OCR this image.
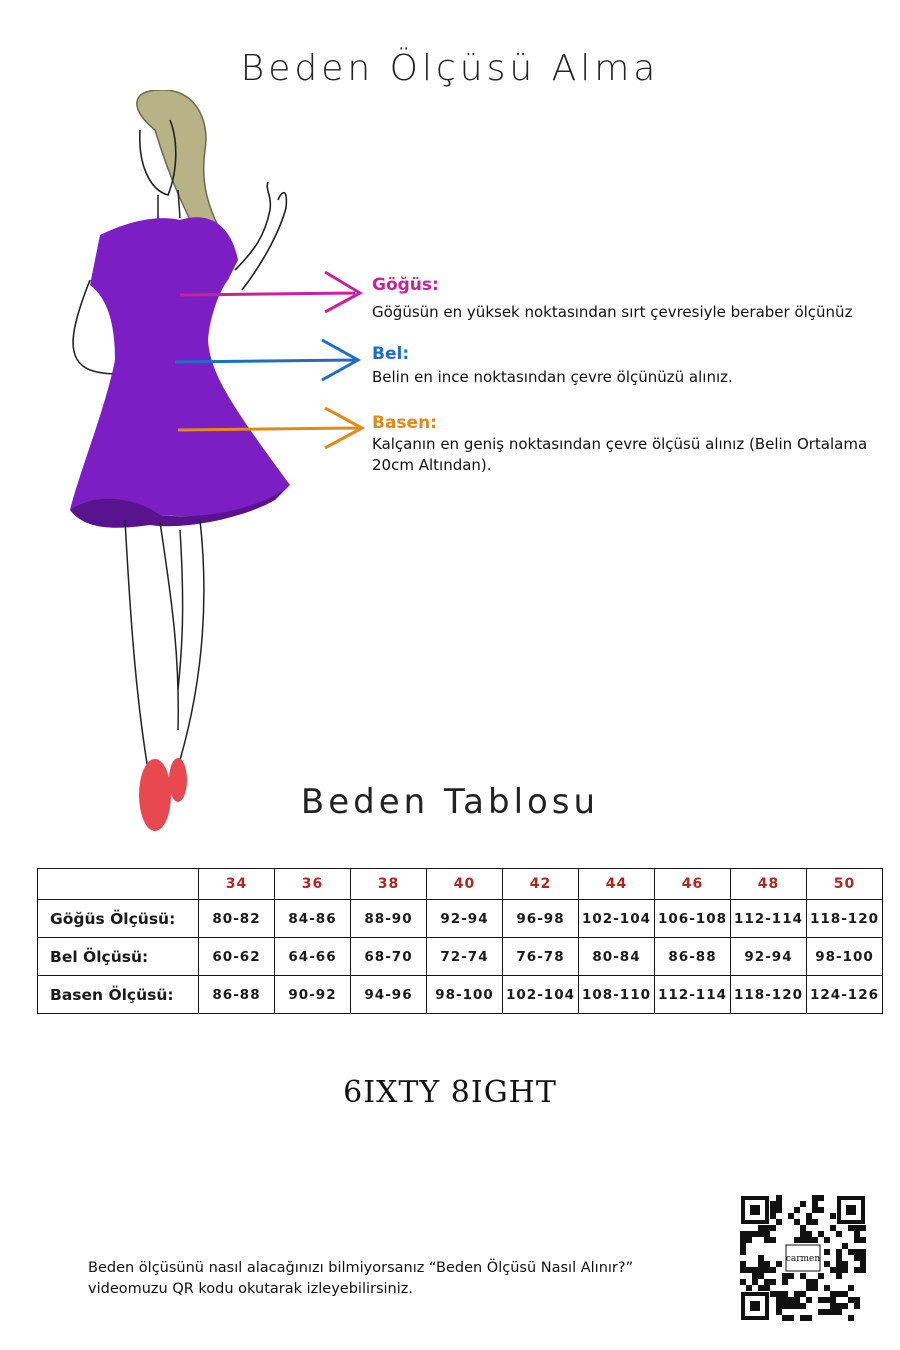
Beden Ölçüsü Alma
Göğüs:
Göğüsün en yüksek noktasından sırt çevresiyle beraber ölçünüz
Bel:
Belin en ince noktasından çevre ölçünüzü alınız.
Basen:
Kalçanın en geniş noktasından çevre ölçüsü alınız (Belin Ortalama 20cm Altından).
Beden Tablosu
	34	36	38	40	42	44	46	48	50
Göğüs Ölçüsü:	80-82	84-86	88-90	92-94	96-98	102-104	106-108	112-114	118-120
Bel Ölçüsü:	60-62	64-66	68-70	72-74	76-78	80-84	86-88	92-94	98-100
Basen Ölçüsü:	86-88	90-92	94-96	98-100	102-104	108-110	112-114	118-120	124-126
6IXTY 8IGHT
Beden ölçüsünü nasıl alacağınızı bilmiyorsanız “Beden Ölçüsü Nasıl Alınır?”
videomuzu QR kodu okutarak izleyebilirsiniz.
carmen
